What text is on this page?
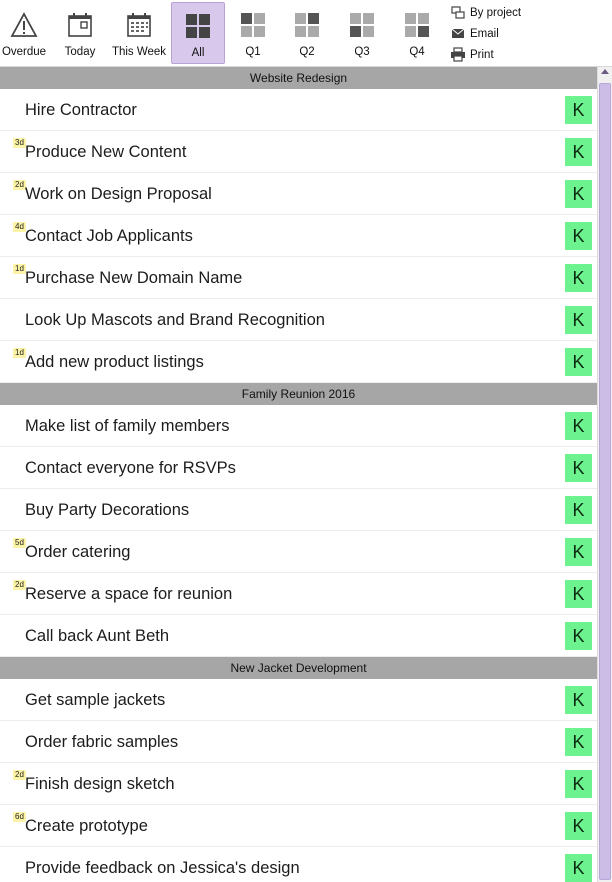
Overdue Today This Week All	Q1	Q2	Q3	Q4
By project
Email
Print
Website Redesign
Hire Contractor	K
3d
Produce New Content	K
2d
Work on Design Proposal	K
4d
Contact Job Applicants	K
1d
Purchase New Domain Name	K
Look Up Mascots and Brand Recognition	K
1d
Add new product listings	K
Family Reunion 2016
Make list of family members	K
Contact everyone for RSVPs	K
Buy Party Decorations	K
5d
Order catering	K
2d
Reserve a space for reunion	K
Call back Aunt Beth	K
New Jacket Development
Get sample jackets	K
Order fabric samples	K
2d
Finish design sketch	K
6d
Create prototype	K
Provide feedback on Jessica's design	K
